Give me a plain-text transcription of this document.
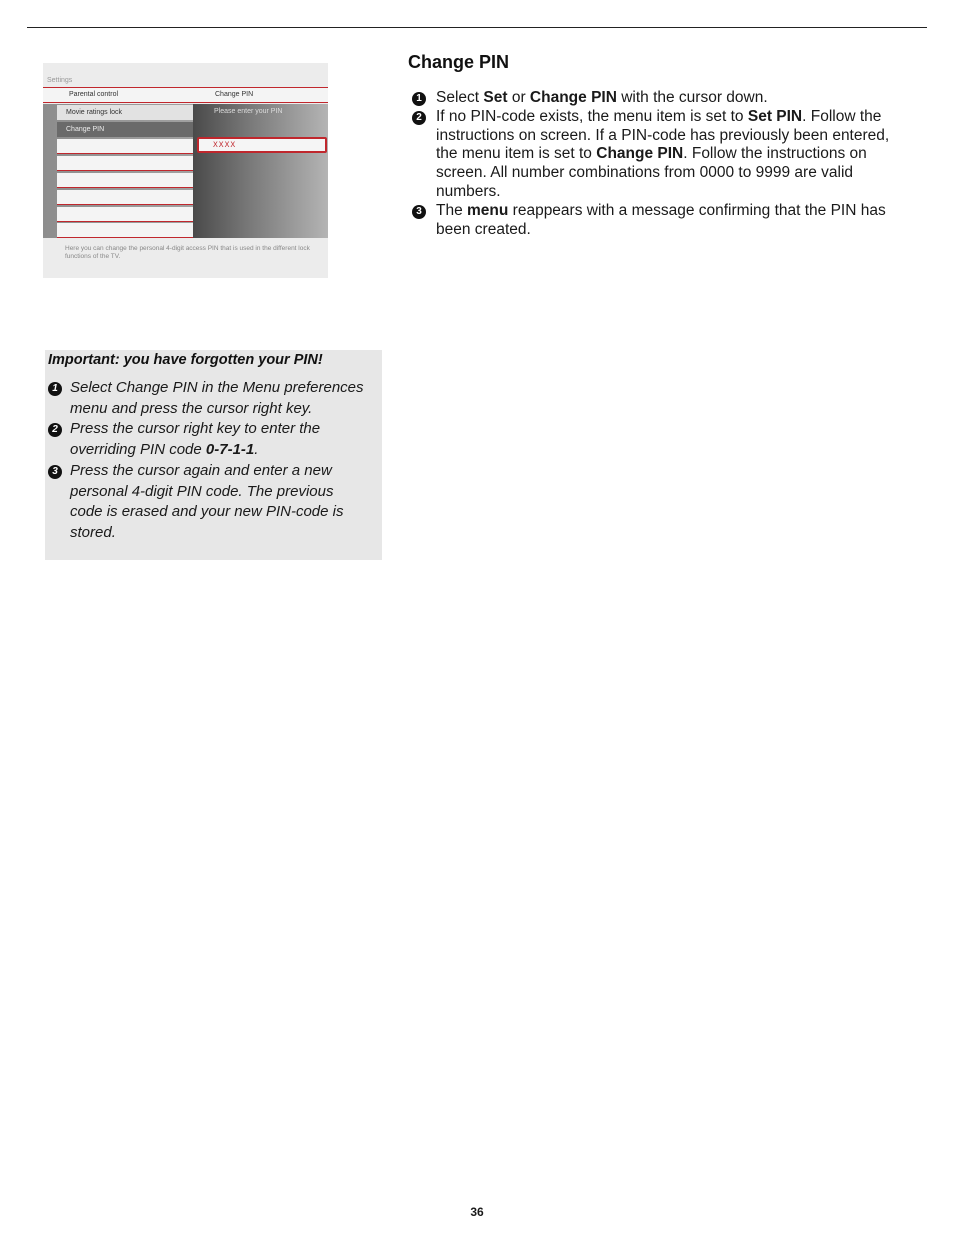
Settings
Parental control	Change PIN
Movie ratings lock
Change PIN
Please enter your PIN
XXXX
Here you can change the personal 4-digit access PIN that is used in the different lock functions of the TV.
Change PIN
1 Select Set or Change PIN with the cursor down.
2 If no PIN-code exists, the menu item is set to Set PIN. Follow the instructions on screen. If a PIN-code has previously been entered, the menu item is set to Change PIN. Follow the instructions on screen. All number combinations from 0000 to 9999 are valid numbers.
3 The menu reappears with a message confirming that the PIN has been created.
Important: you have forgotten your PIN!
1 Select Change PIN in the Menu preferences menu and press the cursor right key.
2 Press the cursor right key to enter the overriding PIN code 0-7-1-1.
3 Press the cursor again and enter a new personal 4-digit PIN code. The previous code is erased and your new PIN-code is stored.
36
